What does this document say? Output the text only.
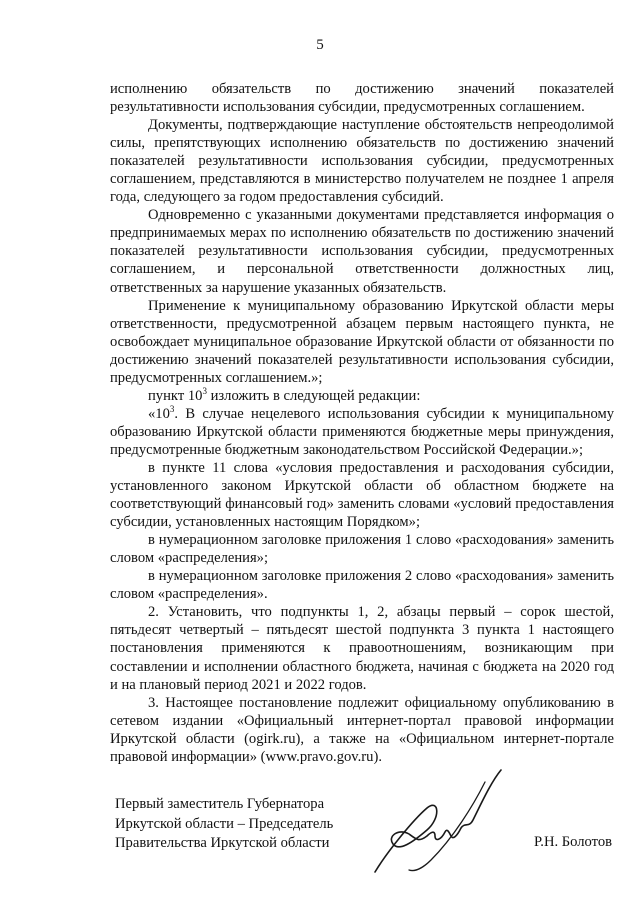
5

исполнению обязательств по достижению значений показателей

результативности использования субсидии, предусмотренных соглашением.

Документы, подтверждающие наступление обстоятельств непреодолимой силы, препятствующих исполнению обязательств по достижению значений показателей результативности использования субсидии, предусмотренных соглашением, представляются в министерство получателем не позднее 1 апреля года, следующего за годом предоставления субсидий.

Одновременно с указанными документами представляется информация о предпринимаемых мерах по исполнению обязательств по достижению значений показателей результативности использования субсидии, предусмотренных соглашением, и персональной ответственности должностных лиц, ответственных за нарушение указанных обязательств.

Применение к муниципальному образованию Иркутской области меры ответственности, предусмотренной абзацем первым настоящего пункта, не освобождает муниципальное образование Иркутской области от обязанности по достижению значений показателей результативности использования субсидии, предусмотренных соглашением.»;

пункт $10^3$ изложить в следующей редакции:

«$10^3$. В случае нецелевого использования субсидии к муниципальному образованию Иркутской области применяются бюджетные меры принуждения, предусмотренные бюджетным законодательством Российской Федерации.»;

в пункте 11 слова «условия предоставления и расходования субсидии, установленного законом Иркутской области об областном бюджете на соответствующий финансовый год» заменить словами «условий предоставления субсидии, установленных настоящим Порядком»;

в нумерационном заголовке приложения 1 слово «расходования» заменить словом «распределения»;

в нумерационном заголовке приложения 2 слово «расходования» заменить словом «распределения».

2. Установить, что подпункты 1, 2, абзацы первый – сорок шестой, пятьдесят четвертый – пятьдесят шестой подпункта 3 пункта 1 настоящего постановления применяются к правоотношениям, возникающим при составлении и исполнении областного бюджета, начиная с бюджета на 2020 год и на плановый период 2021 и 2022 годов.

3. Настоящее постановление подлежит официальному опубликованию в сетевом издании «Официальный интернет-портал правовой информации Иркутской области (ogirk.ru), а также на «Официальном интернет-портале правовой информации» (www.pravo.gov.ru).

Первый заместитель Губернатора
Иркутской области – Председатель
Правительства Иркутской области	Р.Н. Болотов
